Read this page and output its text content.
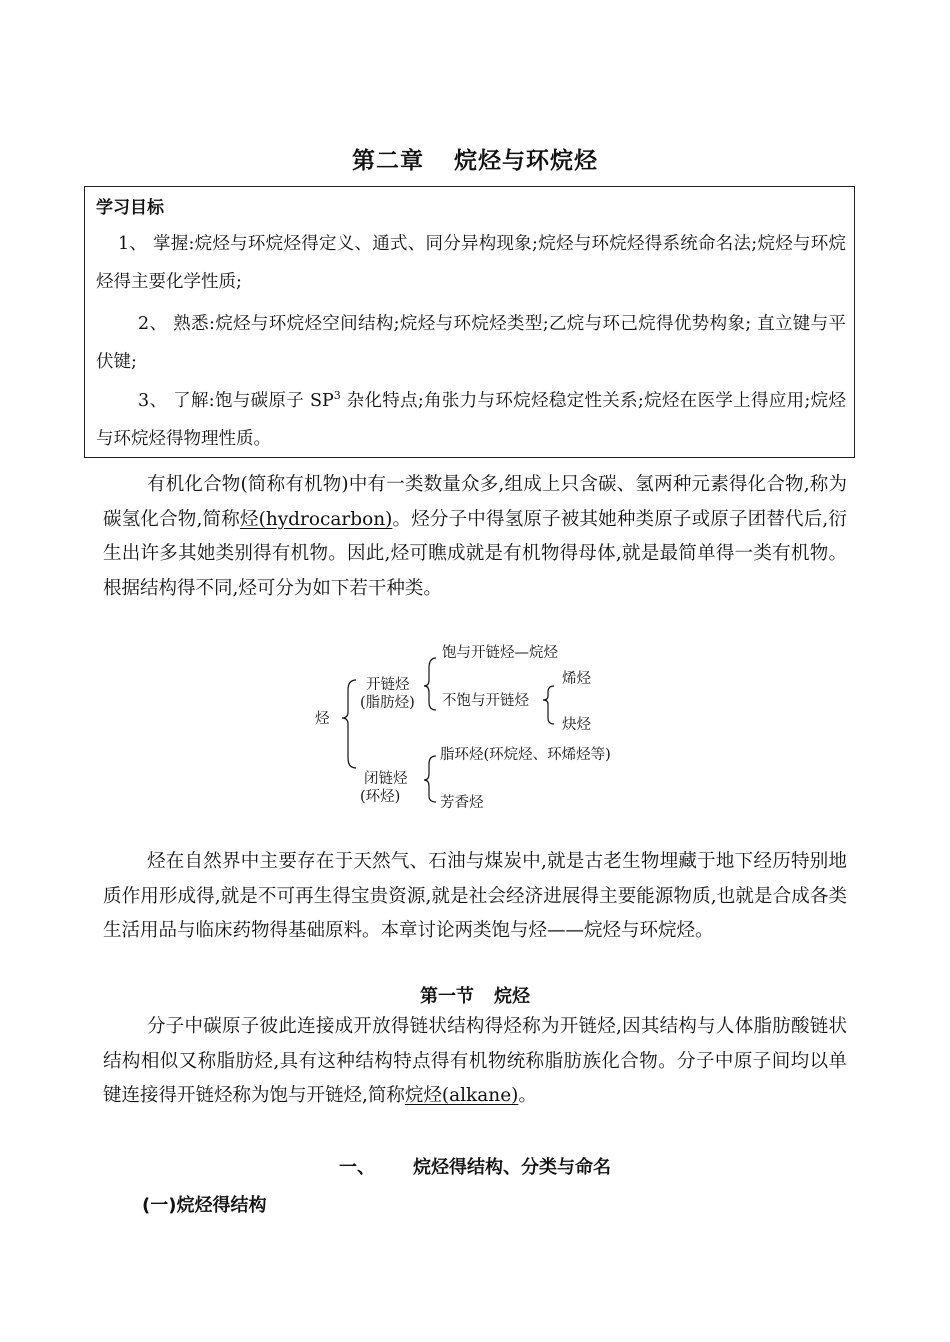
第二章 烷烃与环烷烃
学习目标

1、 掌握:烷烃与环烷烃得定义、通式、同分异构现象;烷烃与环烷烃得系统命名法;烷烃与环烷烃得主要化学性质;

2、 熟悉:烷烃与环烷烃空间结构;烷烃与环烷烃类型;乙烷与环己烷得优势构象; 直立键与平伏键;

3、 了解:饱与碳原子 $SP^3$ 杂化特点;角张力与环烷烃稳定性关系;烷烃在医学上得应用;烷烃与环烷烃得物理性质。

有机化合物(简称有机物)中有一类数量众多,组成上只含碳、氢两种元素得化合物,称为碳氢化合物,简称烃(hydrocarbon)。烃分子中得氢原子被其她种类原子或原子团替代后,衍生出许多其她类别得有机物。因此,烃可瞧成就是有机物得母体,就是最简单得一类有机物。根据结构得不同,烃可分为如下若干种类。

烃
开链烃
(脂肪烃)
饱与开链烃—烷烃
不饱与开链烃
烯烃
炔烃
闭链烃
(环烃)
脂环烃(环烷烃、环烯烃等)
芳香烃

烃在自然界中主要存在于天然气、石油与煤炭中,就是古老生物埋藏于地下经历特别地质作用形成得,就是不可再生得宝贵资源,就是社会经济进展得主要能源物质,也就是合成各类生活用品与临床药物得基础原料。本章讨论两类饱与烃——烷烃与环烷烃。

第一节 烷烃

分子中碳原子彼此连接成开放得链状结构得烃称为开链烃,因其结构与人体脂肪酸链状结构相似又称脂肪烃,具有这种结构特点得有机物统称脂肪族化合物。分子中原子间均以单键连接得开链烃称为饱与开链烃,简称烷烃(alkane)。

一、 烷烃得结构、分类与命名
(一)烷烃得结构
